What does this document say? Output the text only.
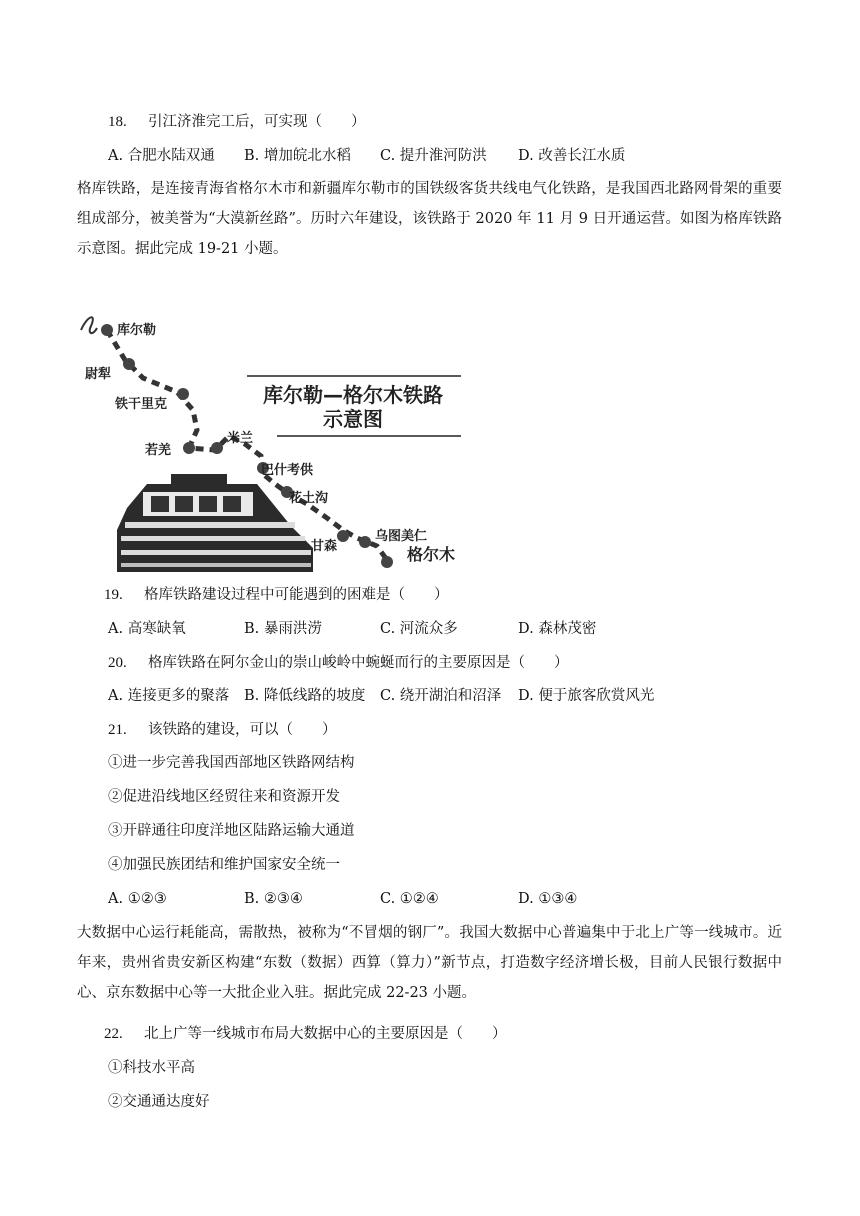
18. 引江济淮完工后，可实现（　　）
A. 合肥水陆双通 B. 增加皖北水稻 C. 提升淮河防洪 D. 改善长江水质
格库铁路，是连接青海省格尔木市和新疆库尔勒市的国铁级客货共线电气化铁路，是我国西北路网骨架的重要组成部分，被美誉为“大漠新丝路”。历时六年建设，该铁路于 2020 年 11 月 9 日开通运营。如图为格库铁路示意图。据此完成 19-21 小题。
库尔勒—格尔木铁路
示意图
库尔勒
尉犁
铁干里克
若羌
米兰
巴什考供
花土沟
甘森
乌图美仁
格尔木
19. 格库铁路建设过程中可能遇到的困难是（　　）
A. 高寒缺氧	B. 暴雨洪涝	C. 河流众多	D. 森林茂密
20. 格库铁路在阿尔金山的崇山峻岭中蜿蜒而行的主要原因是（　　）
A. 连接更多的聚落 B. 降低线路的坡度 C. 绕开湖泊和沼泽 D. 便于旅客欣赏风光
21. 该铁路的建设，可以（　　）
①进一步完善我国西部地区铁路网结构
②促进沿线地区经贸往来和资源开发
③开辟通往印度洋地区陆路运输大通道
④加强民族团结和维护国家安全统一
A. ①②③	B. ②③④	C. ①②④	D. ①③④
大数据中心运行耗能高，需散热，被称为“不冒烟的钢厂”。我国大数据中心普遍集中于北上广等一线城市。近年来，贵州省贵安新区构建“东数（数据）西算（算力）”新节点，打造数字经济增长极，目前人民银行数据中心、京东数据中心等一大批企业入驻。据此完成 22-23 小题。
22. 北上广等一线城市布局大数据中心的主要原因是（　　）
①科技水平高
②交通通达度好
